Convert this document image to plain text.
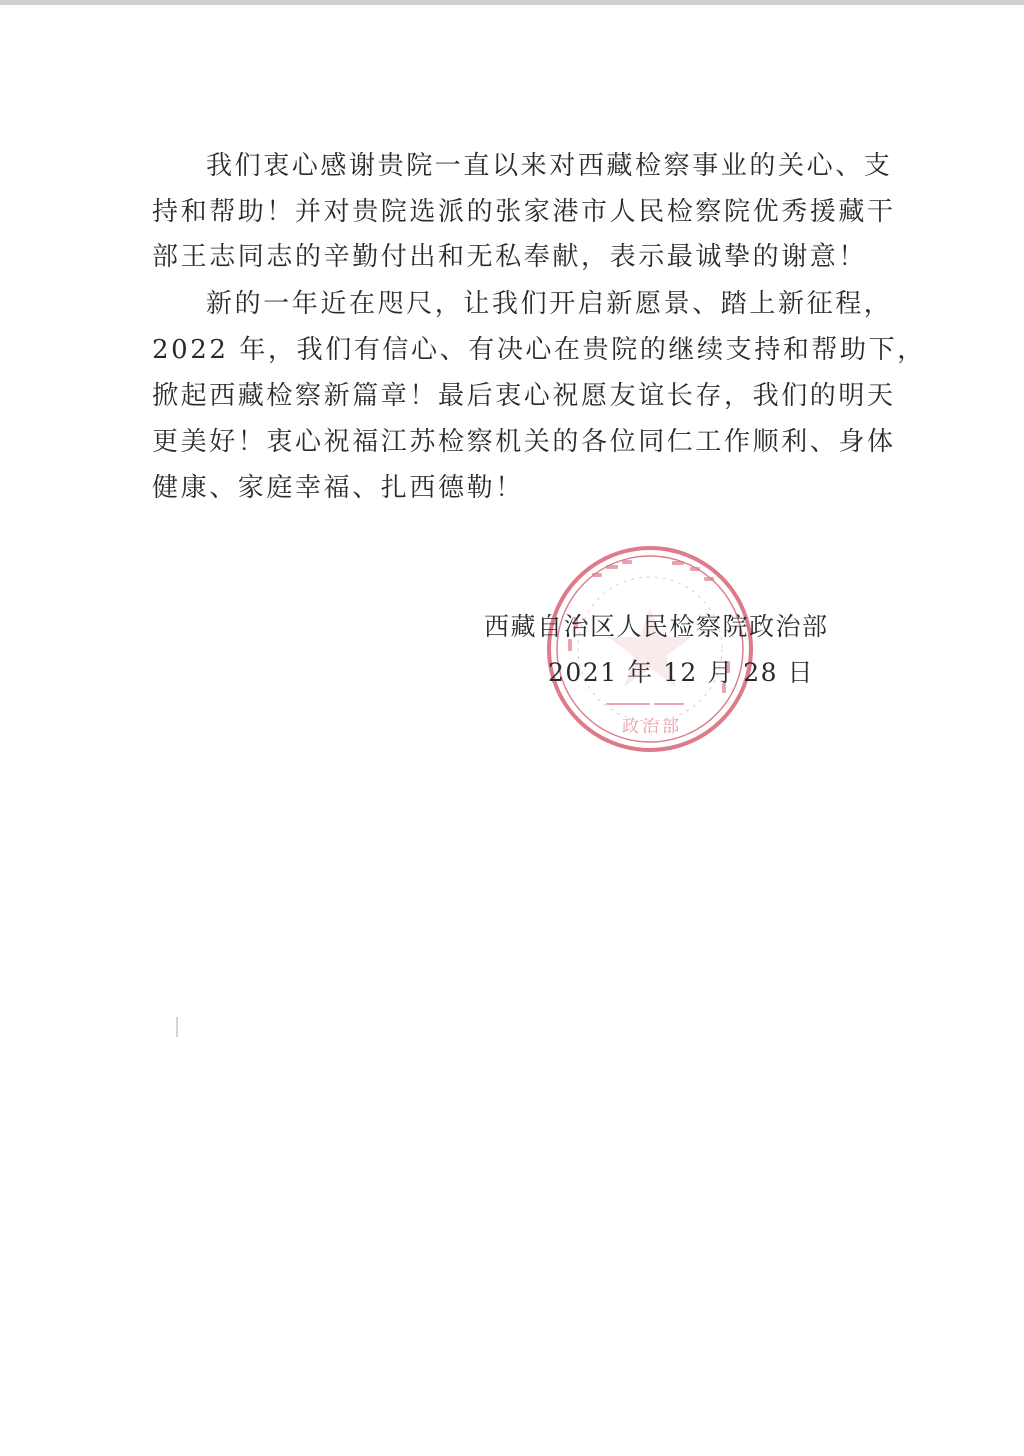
我们衷心感谢贵院一直以来对西藏检察事业的关心、支

持和帮助！并对贵院选派的张家港市人民检察院优秀援藏干

部王志同志的辛勤付出和无私奉献，表示最诚挚的谢意！

新的一年近在咫尺，让我们开启新愿景、踏上新征程，

2022 年，我们有信心、有决心在贵院的继续支持和帮助下，

掀起西藏检察新篇章！最后衷心祝愿友谊长存，我们的明天

更美好！衷心祝福江苏检察机关的各位同仁工作顺利、身体

健康、家庭幸福、扎西德勒！

政治部
西藏自治区人民检察院政治部
2021 年 12 月 28 日
